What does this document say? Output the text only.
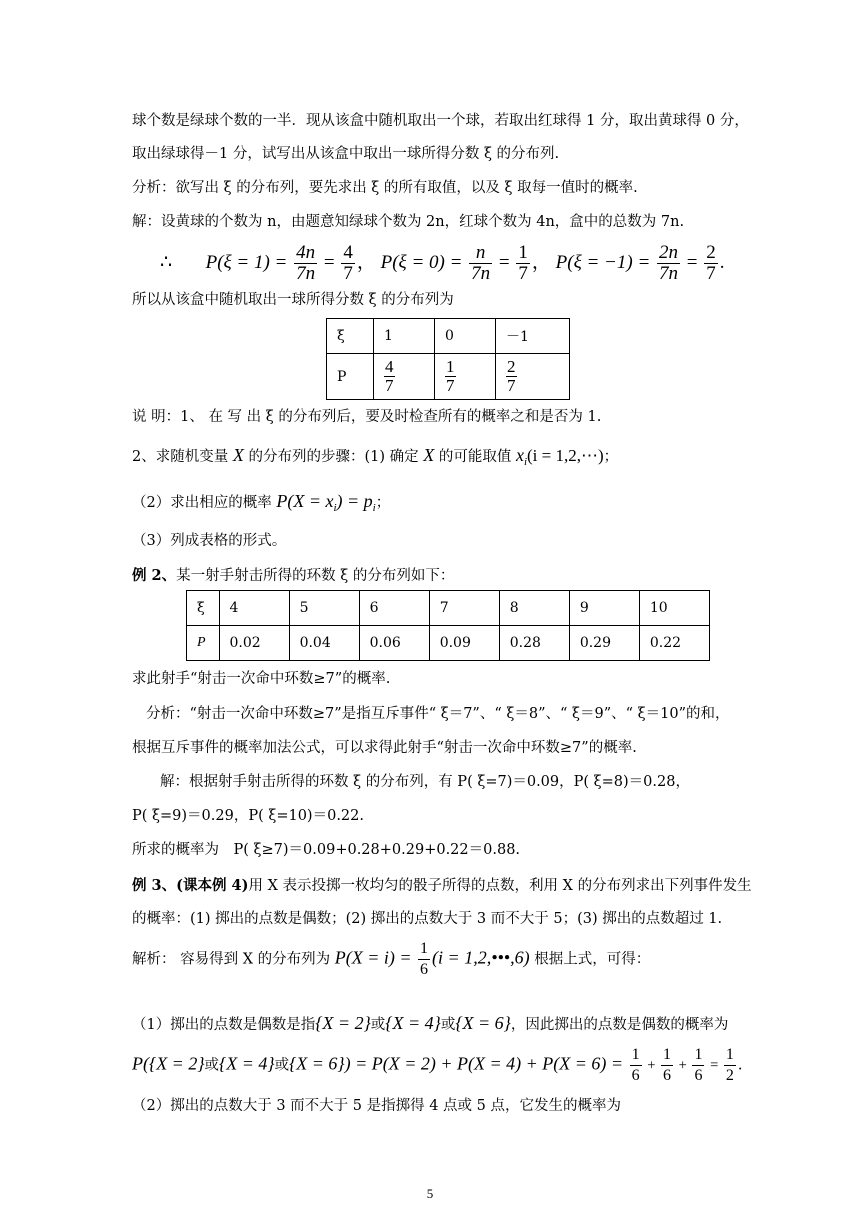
球个数是绿球个数的一半．现从该盒中随机取出一个球，若取出红球得 1 分，取出黄球得 0 分，
取出绿球得－1 分，试写出从该盒中取出一球所得分数 ξ 的分布列.
分析：欲写出 ξ 的分布列，要先求出 ξ 的所有取值，以及 ξ 取每一值时的概率.
解：设黄球的个数为 n，由题意知绿球个数为 2n，红球个数为 4n，盒中的总数为 7n.
∴ $P(\xi = 1) = \frac{4n}{7n} = \frac{4}{7}$ ， $P(\xi = 0) = \frac{n}{7n} = \frac{1}{7}$ ， $P(\xi = -1) = \frac{2n}{7n} = \frac{2}{7}$ .
所以从该盒中随机取出一球所得分数 ξ 的分布列为
ξ	1	0	－1
P	$\frac{4}{7}$	$\frac{1}{7}$	$\frac{2}{7}$
说 明：1、 在 写 出 ξ 的分布列后，要及时检查所有的概率之和是否为 1.
2、求随机变量 X 的分布列的步骤：(1) 确定 X 的可能取值 $x_i(i$ = 1,2,⋯)；
（2）求出相应的概率 $P(X = x_i) = p_i$；
（3）列成表格的形式。
例 2、某一射手射击所得的环数 ξ 的分布列如下：
ξ	4	5	6	7	8	9	10
P	0.02	0.04	0.06	0.09	0.28	0.29	0.22
求此射手“射击一次命中环数≥7”的概率.
分析：“射击一次命中环数≥7”是指互斥事件“ ξ＝7”、“ ξ＝8”、“ ξ＝9”、“ ξ＝10”的和，
根据互斥事件的概率加法公式，可以求得此射手“射击一次命中环数≥7”的概率.
解：根据射手射击所得的环数 ξ 的分布列，有 P( ξ=7)＝0.09，P( ξ=8)＝0.28，
P( ξ=9)＝0.29，P( ξ=10)＝0.22.
所求的概率为　P( ξ≥7)＝0.09+0.28+0.29+0.22＝0.88.
例 3、(课本例 4)用 X 表示投掷一枚均匀的骰子所得的点数，利用 X 的分布列求出下列事件发生
的概率：(1) 掷出的点数是偶数；(2) 掷出的点数大于 3 而不大于 5；(3) 掷出的点数超过 1.
解析： 容易得到 X 的分布列为 $P(X = i) = \frac{1}{6} (i$ = 1,2,•••,6) 根据上式，可得：
（1）掷出的点数是偶数是指{X = 2}或{X = 4}或{X = 6}，因此掷出的点数是偶数的概率为
P({X = 2}或{X = 4}或$\{X = 6\}) = P(X = 2) + P(X = 4) + P(X = 6) = \frac{1}{6} + \frac{1}{6} + \frac{1}{6} = \frac{1}{2}$ .
（2）掷出的点数大于 3 而不大于 5 是指掷得 4 点或 5 点，它发生的概率为
5
